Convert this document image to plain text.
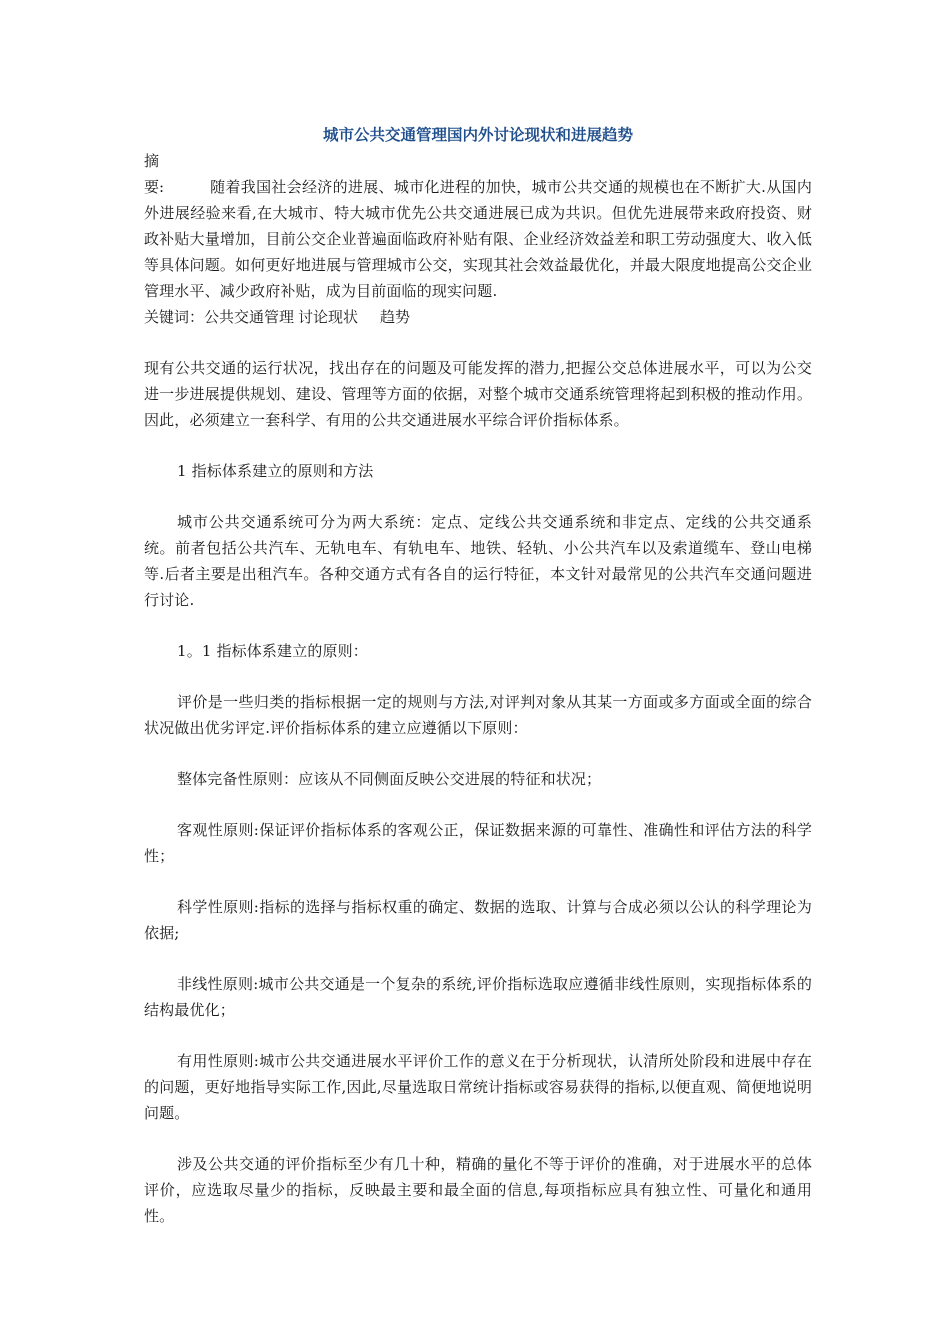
城市公共交通管理国内外讨论现状和进展趋势

摘要:	随着我国社会经济的进展、城市化进程的加快，城市公共交通的规模也在不断扩大.从国内外进展经验来看,在大城市、特大城市优先公共交通进展已成为共识。但优先进展带来政府投资、财政补贴大量增加，目前公交企业普遍面临政府补贴有限、企业经济效益差和职工劳动强度大、收入低等具体问题。如何更好地进展与管理城市公交，实现其社会效益最优化，并最大限度地提高公交企业管理水平、减少政府补贴，成为目前面临的现实问题.

关键词：公共交通管理 讨论现状 趋势

现有公共交通的运行状况，找出存在的问题及可能发挥的潜力,把握公交总体进展水平，可以为公交进一步进展提供规划、建设、管理等方面的依据，对整个城市交通系统管理将起到积极的推动作用。因此，必须建立一套科学、有用的公共交通进展水平综合评价指标体系。

1 指标体系建立的原则和方法

城市公共交通系统可分为两大系统：定点、定线公共交通系统和非定点、定线的公共交通系统。前者包括公共汽车、无轨电车、有轨电车、地铁、轻轨、小公共汽车以及索道缆车、登山电梯等.后者主要是出租汽车。各种交通方式有各自的运行特征，本文针对最常见的公共汽车交通问题进行讨论.

1。1 指标体系建立的原则：

评价是一些归类的指标根据一定的规则与方法,对评判对象从其某一方面或多方面或全面的综合状况做出优劣评定.评价指标体系的建立应遵循以下原则：

整体完备性原则：应该从不同侧面反映公交进展的特征和状况；

客观性原则:保证评价指标体系的客观公正，保证数据来源的可靠性、准确性和评估方法的科学性；

科学性原则:指标的选择与指标权重的确定、数据的选取、计算与合成必须以公认的科学理论为依据;

非线性原则:城市公共交通是一个复杂的系统,评价指标选取应遵循非线性原则，实现指标体系的结构最优化；

有用性原则:城市公共交通进展水平评价工作的意义在于分析现状，认清所处阶段和进展中存在的问题，更好地指导实际工作,因此,尽量选取日常统计指标或容易获得的指标,以便直观、简便地说明问题。

涉及公共交通的评价指标至少有几十种，精确的量化不等于评价的准确，对于进展水平的总体评价，应选取尽量少的指标，反映最主要和最全面的信息,每项指标应具有独立性、可量化和通用性。
